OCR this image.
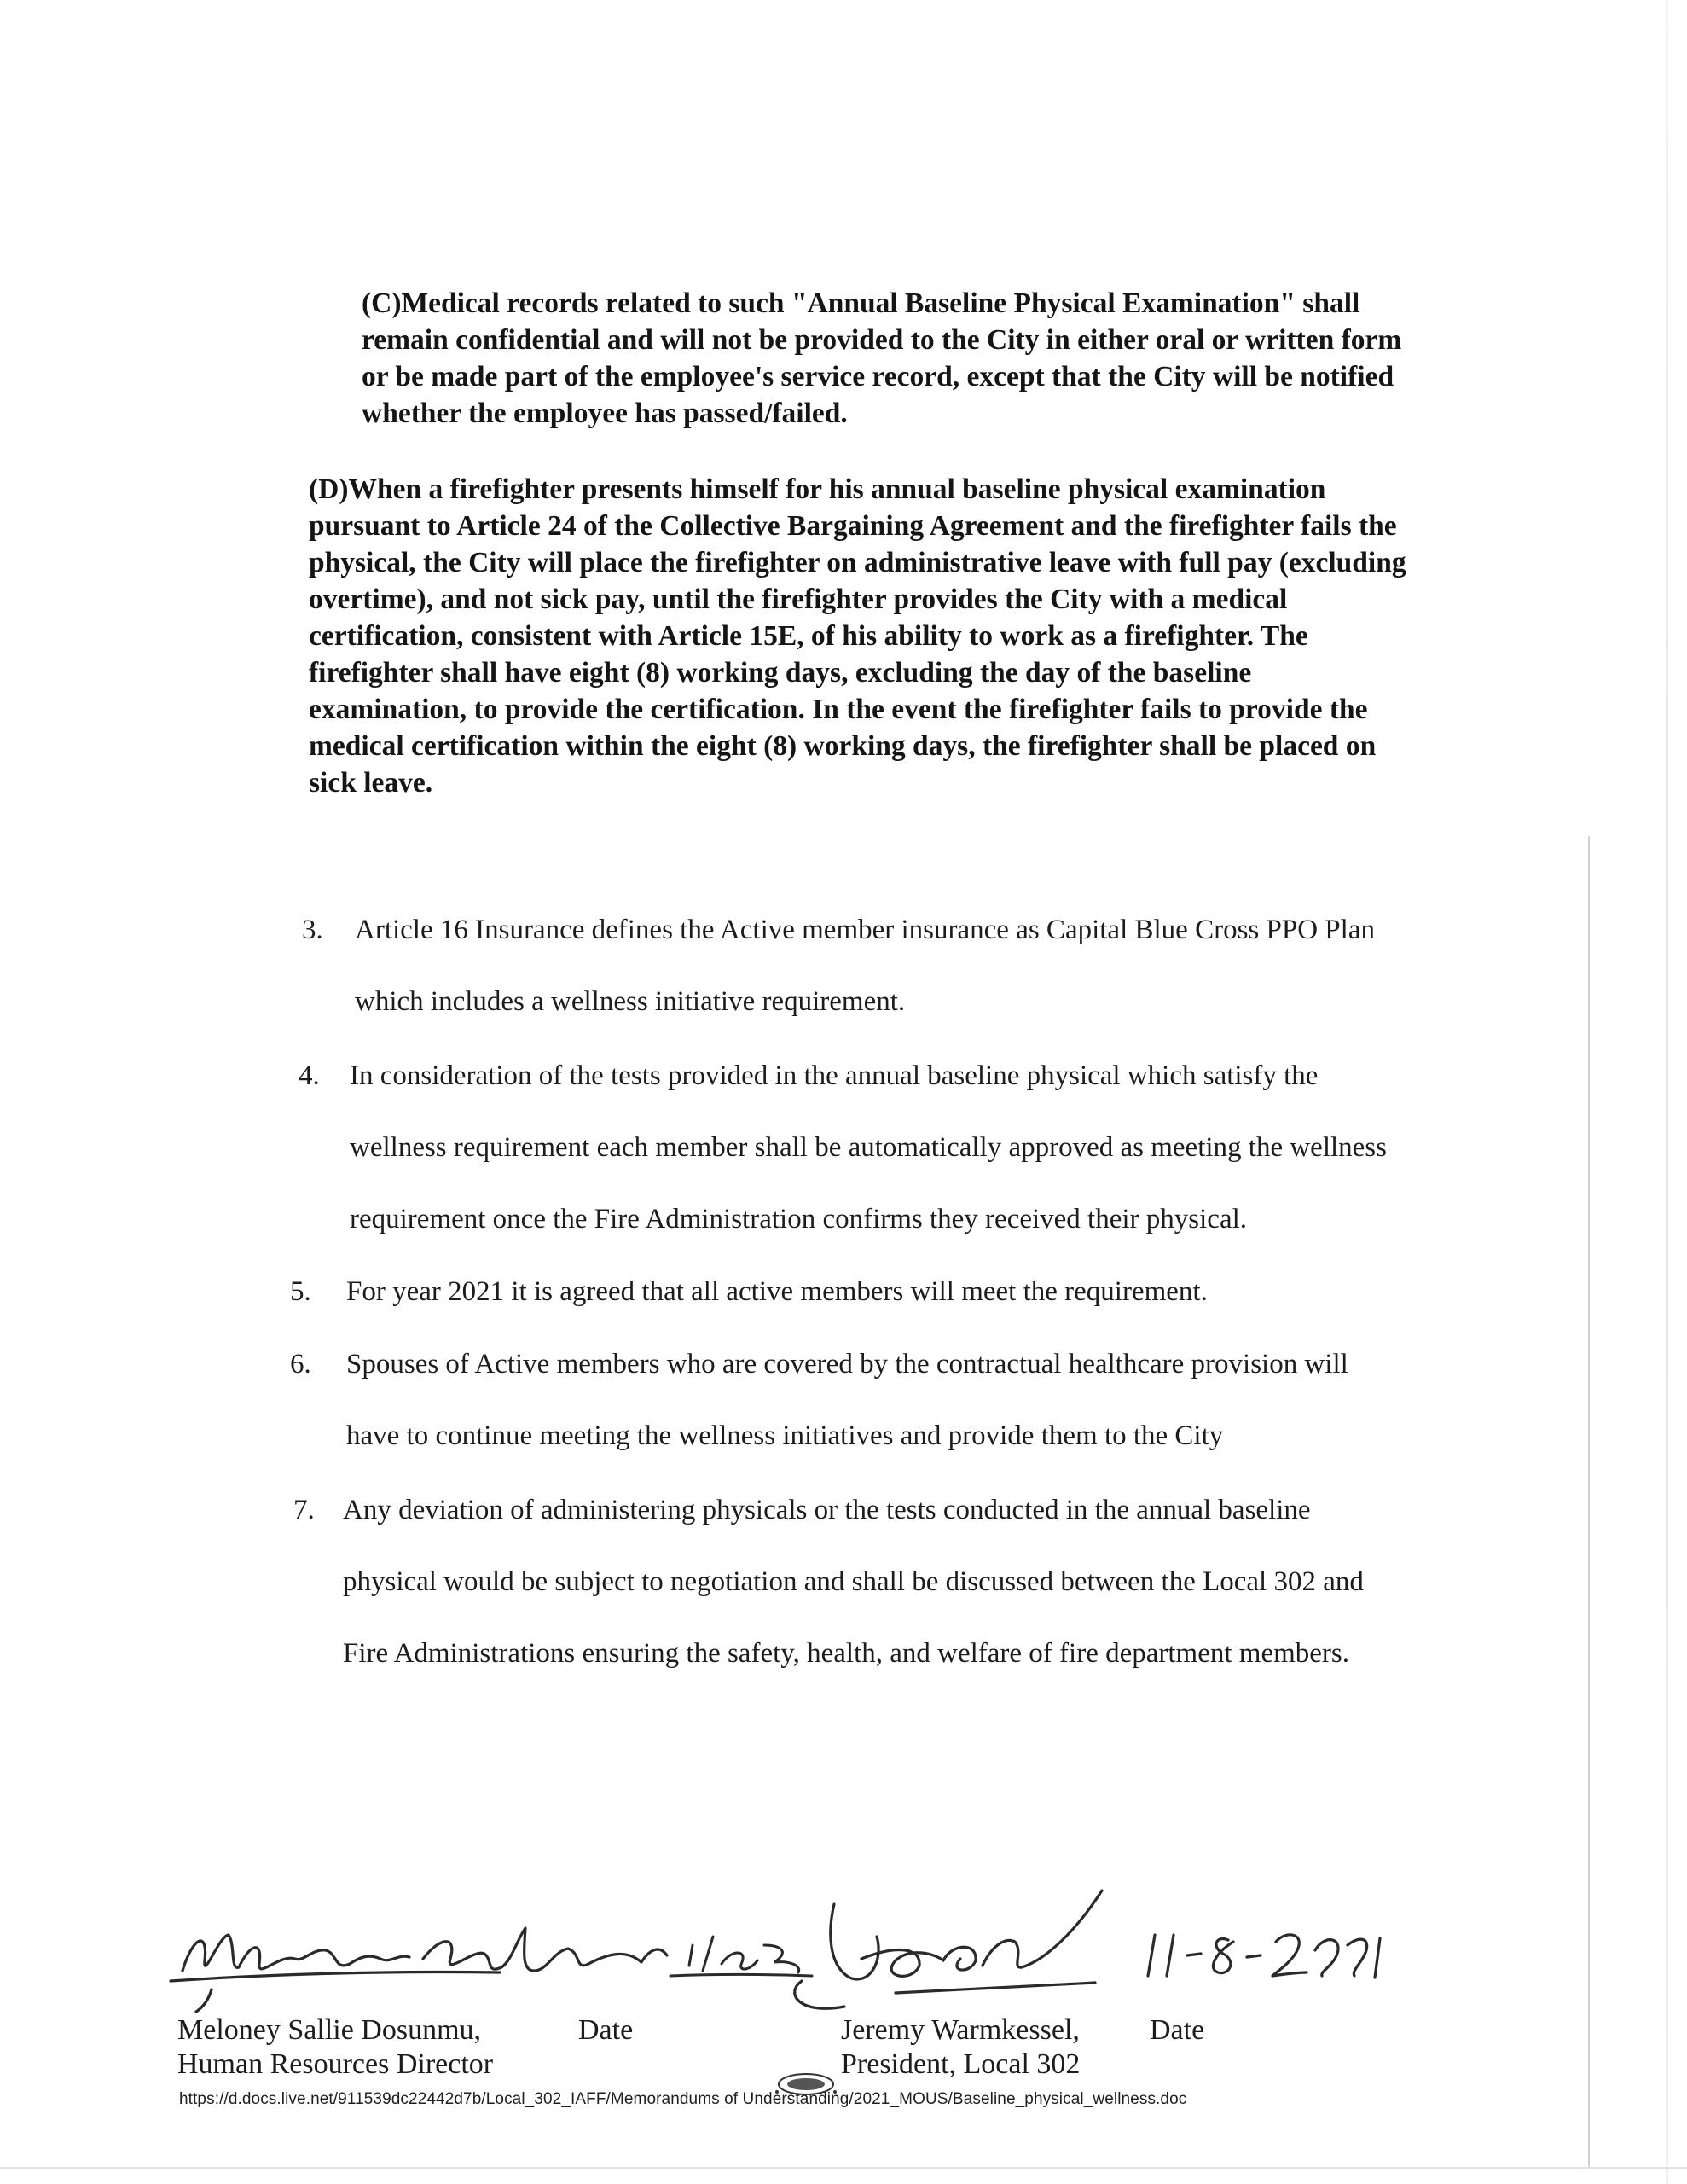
(C)Medical records related to such "Annual Baseline Physical Examination" shall
remain confidential and will not be provided to the City in either oral or written form
or be made part of the employee's service record, except that the City will be notified
whether the employee has passed/failed.

(D)When a firefighter presents himself for his annual baseline physical examination
pursuant to Article 24 of the Collective Bargaining Agreement and the firefighter fails the
physical, the City will place the firefighter on administrative leave with full pay (excluding
overtime), and not sick pay, until the firefighter provides the City with a medical
certification, consistent with Article 15E, of his ability to work as a firefighter. The
firefighter shall have eight (8) working days, excluding the day of the baseline
examination, to provide the certification. In the event the firefighter fails to provide the
medical certification within the eight (8) working days, the firefighter shall be placed on
sick leave.

3.	Article 16 Insurance defines the Active member insurance as Capital Blue Cross PPO Plan
which includes a wellness initiative requirement.
4.	In consideration of the tests provided in the annual baseline physical which satisfy the
wellness requirement each member shall be automatically approved as meeting the wellness
requirement once the Fire Administration confirms they received their physical.
5.	For year 2021 it is agreed that all active members will meet the requirement.
6.	Spouses of Active members who are covered by the contractual healthcare provision will
have to continue meeting the wellness initiatives and provide them to the City
7.	Any deviation of administering physicals or the tests conducted in the annual baseline
physical would be subject to negotiation and shall be discussed between the Local 302 and
Fire Administrations ensuring the safety, health, and welfare of fire department members.
Meloney Sallie Dosunmu,
Human Resources Director
Date	Jeremy Warmkessel,
President, Local 302
Date
https://d.docs.live.net/911539dc22442d7b/Local_302_IAFF/Memorandums of Understanding/2021_MOUS/Baseline_physical_wellness.doc
